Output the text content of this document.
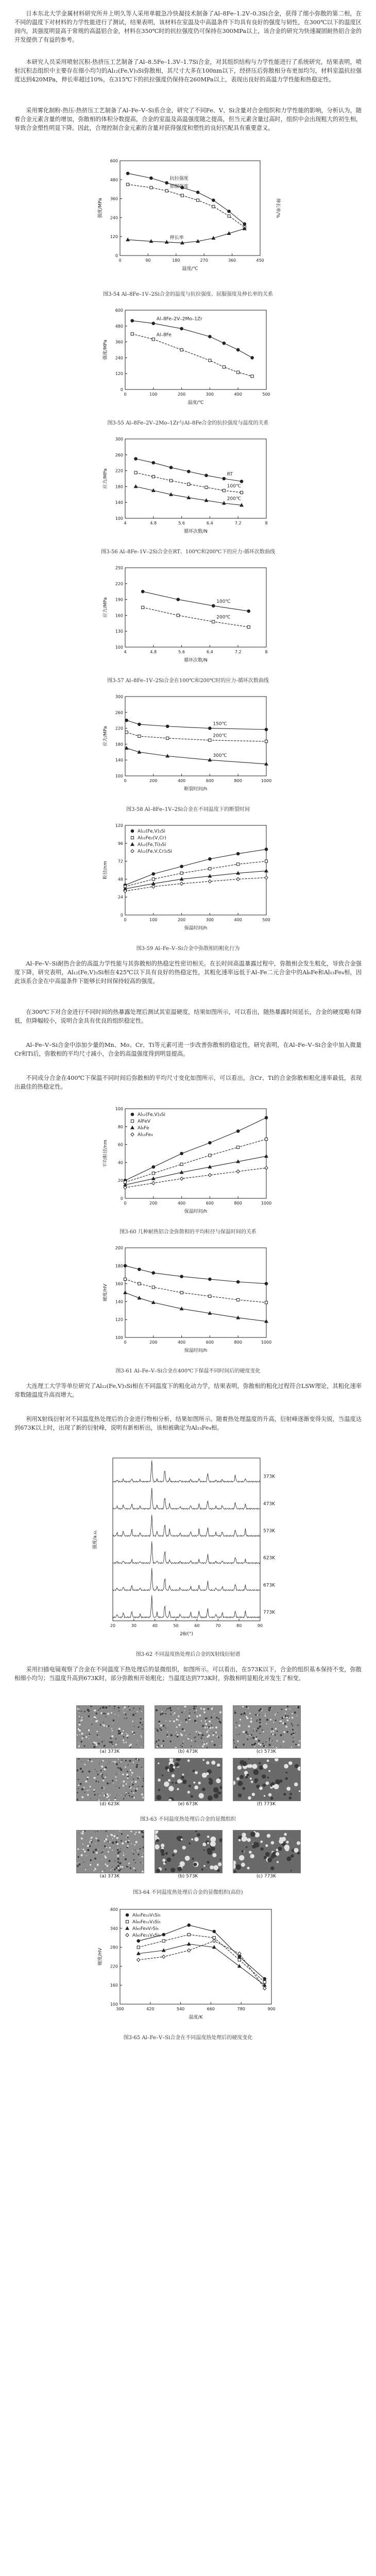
日本东北大学金属材料研究所井上明久等人采用单辊急冷快凝技术制备了Al–8Fe–1.2V–0.3Si合金，获得了细小弥散的第二相，在不同的温度下对材料的力学性能进行了测试，结果表明，该材料在室温及中高温条件下均具有良好的强度与韧性，在300℃以下的温度区间内，其强度明显高于常规的高温铝合金，材料在350℃时的抗拉强度仍可保持在300MPa以上，该合金的研究为快速凝固耐热铝合金的开发提供了有益的参考。

本研究人员采用喷射沉积-热挤压工艺制备了Al–8.5Fe–1.3V–1.7Si合金，对其组织结构与力学性能进行了系统研究，结果表明，喷射沉积态组织中主要存在细小均匀的Al₁₂(Fe,V)₃Si弥散相，其尺寸大多在100nm以下，经挤压后弥散相分布更加均匀，材料室温抗拉强度达到420MPa，伸长率超过10%，在315℃下的抗拉强度仍保持在260MPa以上，表现出良好的高温力学性能和热稳定性。

采用雾化制粉-热压-热挤压工艺制备了Al–Fe–V–Si系合金，研究了不同Fe、V、Si含量对合金组织和力学性能的影响，分析认为，随着合金元素含量的增加，弥散相的体积分数提高，合金的室温及高温强度随之提高，但当元素含量过高时，组织中会出现粗大的初生相，导致合金塑性明显下降。因此，合理控制合金元素的含量对获得强度和塑性的良好匹配具有重要意义。

0	90	180	270	360	450
0
120
240
360
480
600
温度/℃
强度/MPa	伸长率/%
抗拉强度
屈服强度
伸长率

图3-54 Al–8Fe–1V–2Si合金的温度与抗拉强度、屈服强度及伸长率的关系

0	100	200	300	400	500
0
120
240
360
480
600
温度/℃
强度/MPa
Al–8Fe–2V–2Mo–1Zr
Al–8Fe

图3-55 Al–8Fe–2V–2Mo–1Zr与Al–8Fe合金的抗拉强度与温度的关系

4	4.8	5.6	6.4	7.2	8
100
140
180
220
260
300
循环次数/N
应力/MPa	RT
100℃
200℃

图3-56 Al–8Fe–1V–2Si合金在RT、100℃和200℃下的应力-循环次数曲线

4	4.8	5.6	6.4	7.2	8
100
130
160
190
220
250
循环次数/N
应力/MPa	100℃
200℃

图3-57 Al–8Fe–1V–2Si合金在100℃和200℃时的应力-循环次数曲线

0	200	400	600	800	1000
100
140
180
220
260
300
断裂时间/h
应力/MPa
150℃
200℃
300℃

图3-58 Al–8Fe–1V–2Si合金在不同温度下的断裂时间

0	100	200	300	400	500
0
24
48
72
96
120
保温时间/h
粒径/nm
Al₁₂(Fe,V)₃Si
Al₁₂Fe₂(V,Cr)
Al₁₂(Fe,Ti)₃Si
Al₁₂(Fe,V,Cr)₃Si

图3-59 Al–Fe–V–Si合金中弥散相的粗化行为

Al–Fe–V–Si耐热合金的高温力学性能与其弥散相的热稳定性密切相关。在长时间高温暴露过程中，弥散相会发生粗化，导致合金强度下降，研究表明，Al₁₂(Fe,V)₃Si相在425℃以下具有良好的热稳定性，其粗化速率远低于Al–Fe二元合金中的Al₆Fe和Al₁₃Fe₄相，因此该系合金在中高温条件下能够长时间保持较高的强度。

在300℃下对合金进行不同时间的热暴露处理后测试其室温硬度，结果如图所示，可以看出，随热暴露时间延长，合金的硬度略有降低，但降幅较小，说明合金具有优良的组织稳定性。

Al–Fe–V–Si合金中添加少量的Mn、Mo、Cr、Ti等元素可进一步改善弥散相的稳定性，研究表明，在Al–Fe–V–Si合金中加入微量Cr和Ti后，弥散相的平均尺寸减小，合金的高温强度得到明显提高。

不同成分合金在400℃下保温不同时间后弥散相的平均尺寸变化如图所示，可以看出，含Cr、Ti的合金弥散相粗化速率最低，表现出最佳的热稳定性。

0	200	400	600	800	1000
0
20
40
60
80
100
保温时间/h
平均粒径/nm
Al₁₂(Fe,V)₃Si
AlFeV
Al₆Fe
Al₁₃Fe₄

图3-60 几种耐热铝合金弥散相的平均粒径与保温时间的关系

0	200	400	600	800	1000
100
120
140
160
180
200
保温时间/h
硬度/HV

图3-61 Al–Fe–V–Si合金在400℃下保温不同时间后的硬度变化

大连理工大学等单位研究了Al₁₂(Fe,V)₃Si相在不同温度下的粗化动力学，结果表明，弥散相的粗化过程符合LSW理论，其粗化速率常数随温度升高而增大。

利用X射线衍射对不同温度热处理后的合金进行物相分析，结果如图所示。随着热处理温度的升高，衍射峰逐渐变得尖锐，当温度达到673K以上时，出现了新的衍射峰，说明有新相析出，该相被确定为Al₁₃Fe₄相。

20	30	40	50	60	70	80	90
2θ/(°)
强度/a.u.
373K
473K
573K
623K
673K
773K

图3-62 不同温度热处理后合金的X射线衍射谱

采用扫描电镜观察了合金在不同温度下热处理后的显微组织，如图所示。可以看出，在573K以下，合金的组织基本保持不变，弥散相细小均匀；当温度升高到673K时，部分弥散相开始粗化；当温度达到773K时，弥散相明显粗化并发生了相变。

(a) 373K	(b) 473K	(c) 573K
(d) 623K	(e) 673K	(f) 773K

图3-63 不同温度热处理后合金的显微组织

(a) 373K	(b) 573K	(c) 773K

图3-64 不同温度热处理后合金的显微组织(高倍)

300	420	540	660	780	900
100
160
220
280
340
400
温度/K
硬度/HV
Al₈₀Fe₁₀V₅Si₅
Al₈₀Fe₁₂V₃Si₅
Al₈₀Fe₈V₇Si₅
Al₈₀Fe₁₁V₄Si₅

图3-65 Al–Fe–V–Si合金在不同温度热处理后的硬度变化
